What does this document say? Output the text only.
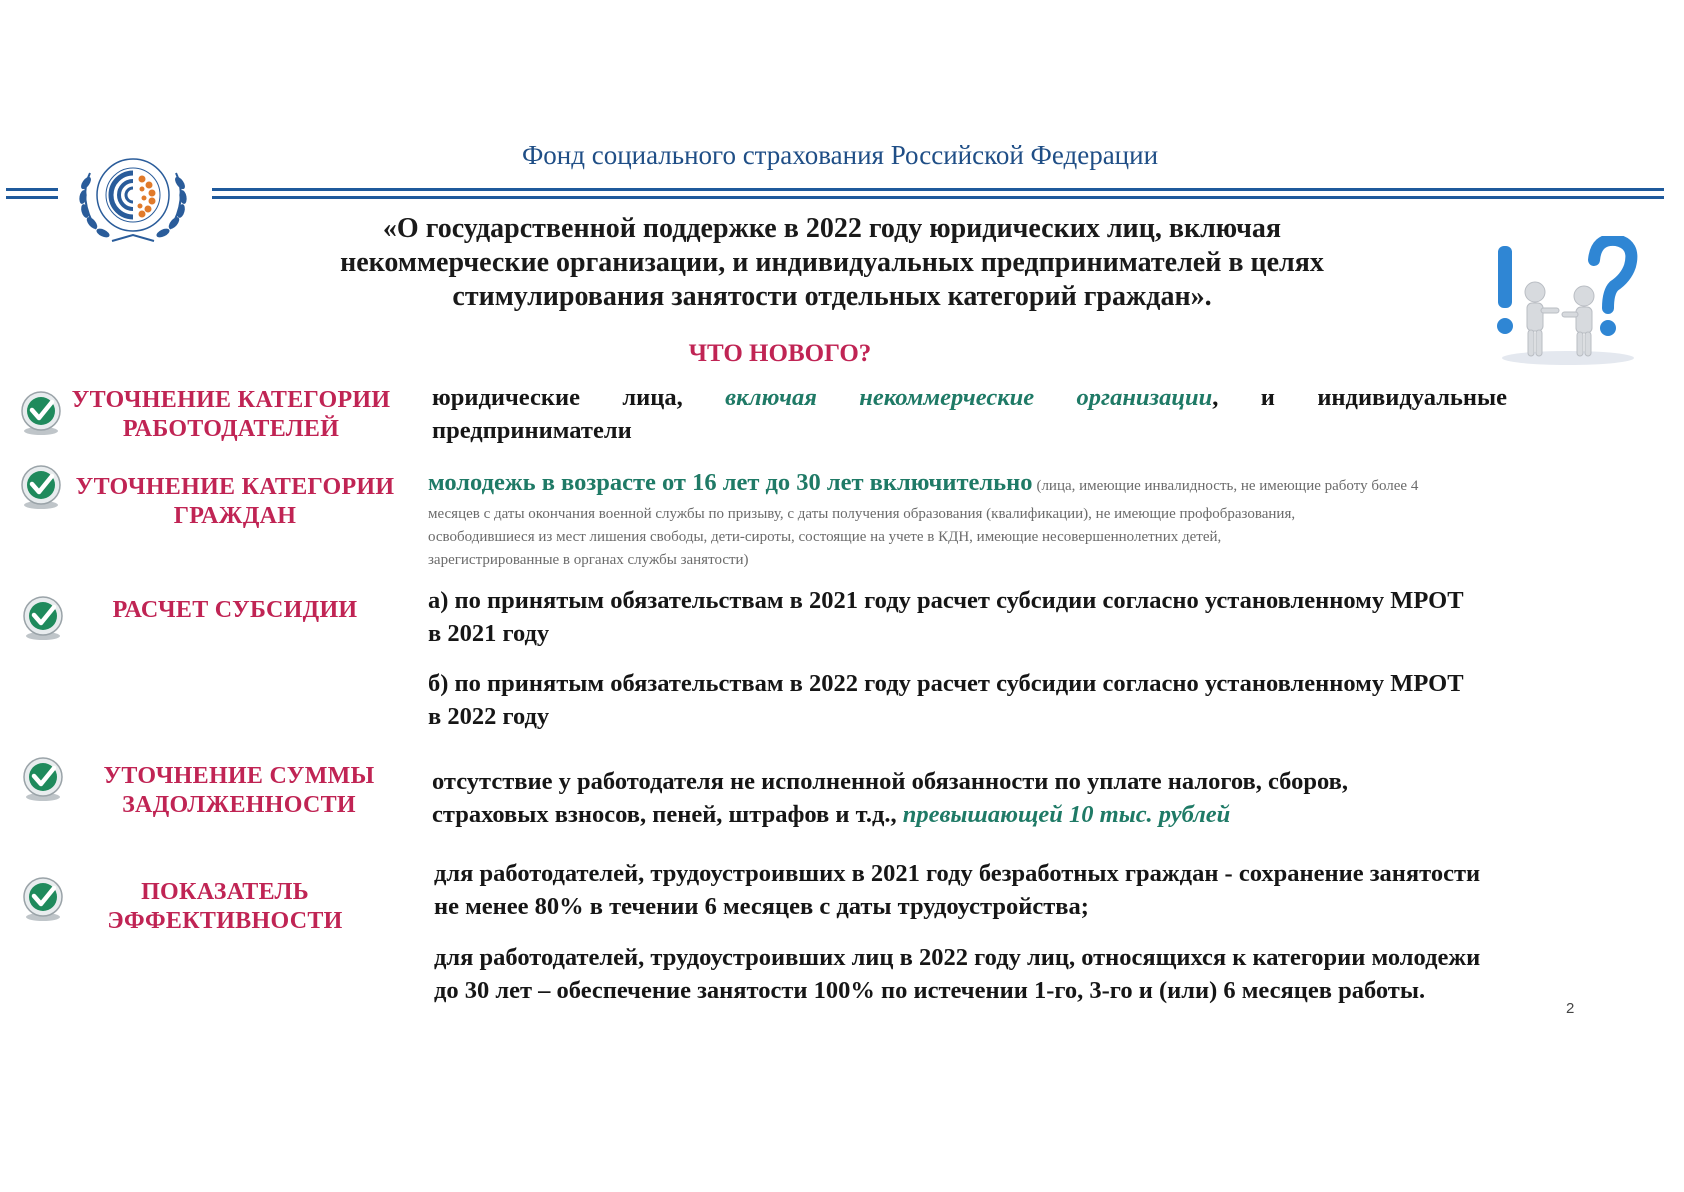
Фонд социального страхования Российской Федерации
«О государственной поддержке в 2022 году юридических лиц, включая
некоммерческие организации, и индивидуальных предпринимателей в целях
стимулирования занятости отдельных категорий граждан».
ЧТО НОВОГО?
УТОЧНЕНИЕ КАТЕГОРИИ
РАБОТОДАТЕЛЕЙ
юридические лица, включая некоммерческие организации, и индивидуальные
предприниматели
УТОЧНЕНИЕ КАТЕГОРИИ
ГРАЖДАН
молодежь в возрасте от 16 лет до 30 лет включительно (лица, имеющие инвалидность, не имеющие работу более 4
месяцев с даты окончания военной службы по призыву, с даты получения образования (квалификации), не имеющие профобразования,
освободившиеся из мест лишения свободы, дети-сироты, состоящие на учете в КДН, имеющие несовершеннолетних детей,
зарегистрированные в органах службы занятости)
РАСЧЕТ СУБСИДИИ	а) по принятым обязательствам в 2021 году расчет субсидии согласно установленному МРОТ
в 2021 году
б) по принятым обязательствам в 2022 году расчет субсидии согласно установленному МРОТ
в 2022 году
УТОЧНЕНИЕ СУММЫ
ЗАДОЛЖЕННОСТИ
отсутствие у работодателя не исполненной обязанности по уплате налогов, сборов,
страховых взносов, пеней, штрафов и т.д., превышающей 10 тыс. рублей
ПОКАЗАТЕЛЬ
ЭФФЕКТИВНОСТИ
для работодателей, трудоустроивших в 2021 году безработных граждан - сохранение занятости
не менее 80% в течении 6 месяцев с даты трудоустройства;
для работодателей, трудоустроивших лиц в 2022 году лиц, относящихся к категории молодежи
до 30 лет – обеспечение занятости 100% по истечении 1-го, 3-го и (или) 6 месяцев работы.
2
